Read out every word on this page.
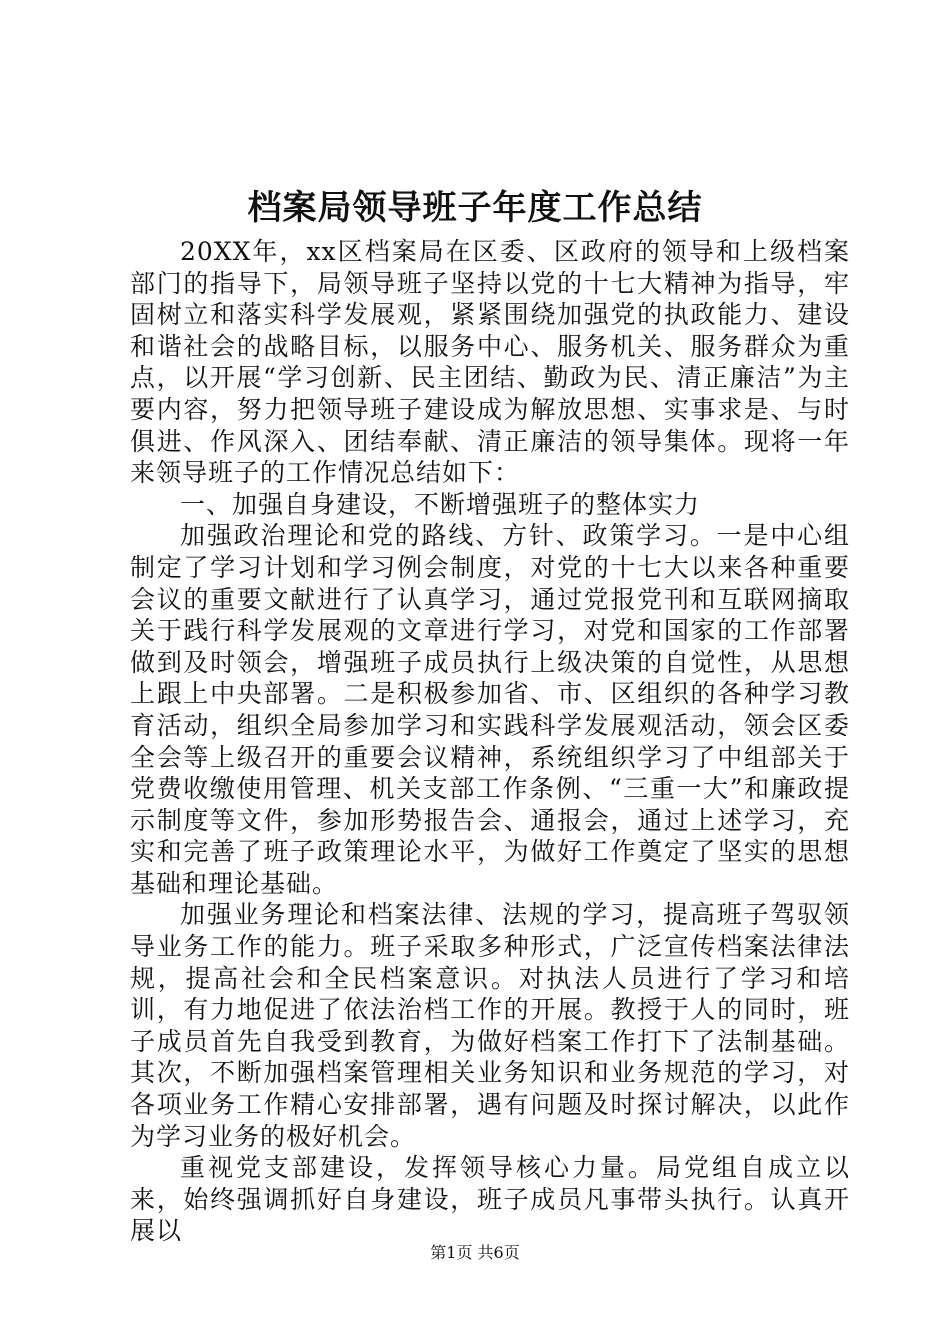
档案局领导班子年度工作总结

20XX年，xx区档案局在区委、区政府的领导和上级档案部门的指导下，局领导班子坚持以党的十七大精神为指导，牢固树立和落实科学发展观，紧紧围绕加强党的执政能力、建设和谐社会的战略目标，以服务中心、服务机关、服务群众为重点，以开展“学习创新、民主团结、勤政为民、清正廉洁”为主要内容，努力把领导班子建设成为解放思想、实事求是、与时俱进、作风深入、团结奉献、清正廉洁的领导集体。现将一年来领导班子的工作情况总结如下：

一、加强自身建设，不断增强班子的整体实力

加强政治理论和党的路线、方针、政策学习。一是中心组制定了学习计划和学习例会制度，对党的十七大以来各种重要会议的重要文献进行了认真学习，通过党报党刊和互联网摘取关于践行科学发展观的文章进行学习，对党和国家的工作部署做到及时领会，增强班子成员执行上级决策的自觉性，从思想上跟上中央部署。二是积极参加省、市、区组织的各种学习教育活动，组织全局参加学习和实践科学发展观活动，领会区委全会等上级召开的重要会议精神，系统组织学习了中组部关于党费收缴使用管理、机关支部工作条例、“三重一大”和廉政提示制度等文件，参加形势报告会、通报会，通过上述学习，充实和完善了班子政策理论水平，为做好工作奠定了坚实的思想基础和理论基础。

加强业务理论和档案法律、法规的学习，提高班子驾驭领导业务工作的能力。班子采取多种形式，广泛宣传档案法律法规，提高社会和全民档案意识。对执法人员进行了学习和培训，有力地促进了依法治档工作的开展。教授于人的同时，班子成员首先自我受到教育，为做好档案工作打下了法制基础。其次，不断加强档案管理相关业务知识和业务规范的学习，对各项业务工作精心安排部署，遇有问题及时探讨解决，以此作为学习业务的极好机会。

重视党支部建设，发挥领导核心力量。局党组自成立以来，始终强调抓好自身建设，班子成员凡事带头执行。认真开展以

第1页 共6页
